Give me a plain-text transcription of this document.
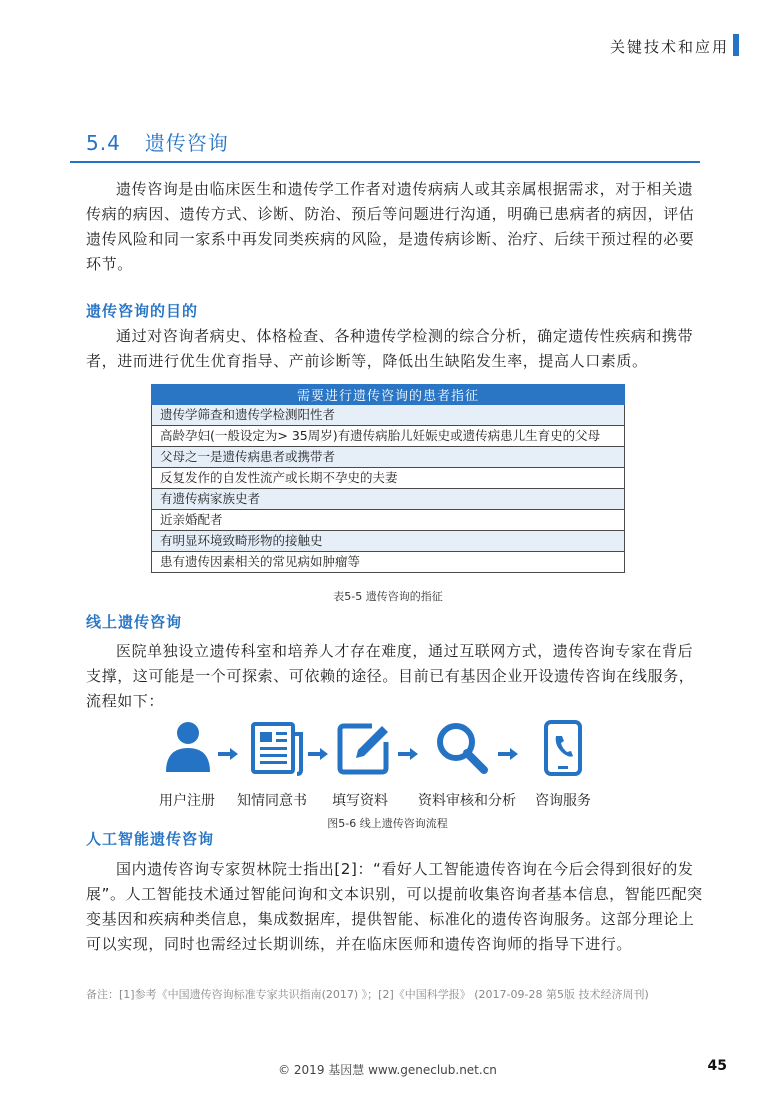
关键技术和应用
5.4 遗传咨询

遗传咨询是由临床医生和遗传学工作者对遗传病病人或其亲属根据需求，对于相关遗传病的病因、遗传方式、诊断、防治、预后等问题进行沟通，明确已患病者的病因，评估遗传风险和同一家系中再发同类疾病的风险，是遗传病诊断、治疗、后续干预过程的必要环节。

遗传咨询的目的

通过对咨询者病史、体格检查、各种遗传学检测的综合分析，确定遗传性疾病和携带者，进而进行优生优育指导、产前诊断等，降低出生缺陷发生率，提高人口素质。

需要进行遗传咨询的患者指征
遗传学筛查和遗传学检测阳性者
高龄孕妇(一般设定为> 35周岁)有遗传病胎儿妊娠史或遗传病患儿生育史的父母
父母之一是遗传病患者或携带者
反复发作的自发性流产或长期不孕史的夫妻
有遗传病家族史者
近亲婚配者
有明显环境致畸形物的接触史
患有遗传因素相关的常见病如肿瘤等
表5-5 遗传咨询的指征
线上遗传咨询

医院单独设立遗传科室和培养人才存在难度，通过互联网方式，遗传咨询专家在背后支撑，这可能是一个可探索、可依赖的途径。目前已有基因企业开设遗传咨询在线服务，流程如下：

用户注册	知情同意书	填写资料	资料审核和分析	咨询服务
图5-6 线上遗传咨询流程
人工智能遗传咨询

国内遗传咨询专家贺林院士指出[2]：“看好人工智能遗传咨询在今后会得到很好的发展”。人工智能技术通过智能问询和文本识别，可以提前收集咨询者基本信息，智能匹配突变基因和疾病种类信息，集成数据库，提供智能、标准化的遗传咨询服务。这部分理论上可以实现，同时也需经过长期训练，并在临床医师和遗传咨询师的指导下进行。

备注：[1]参考《中国遗传咨询标准专家共识指南(2017) 》；[2]《中国科学报》 (2017-09-28 第5版 技术经济周刊)
© 2019 基因慧 www.geneclub.net.cn	45
